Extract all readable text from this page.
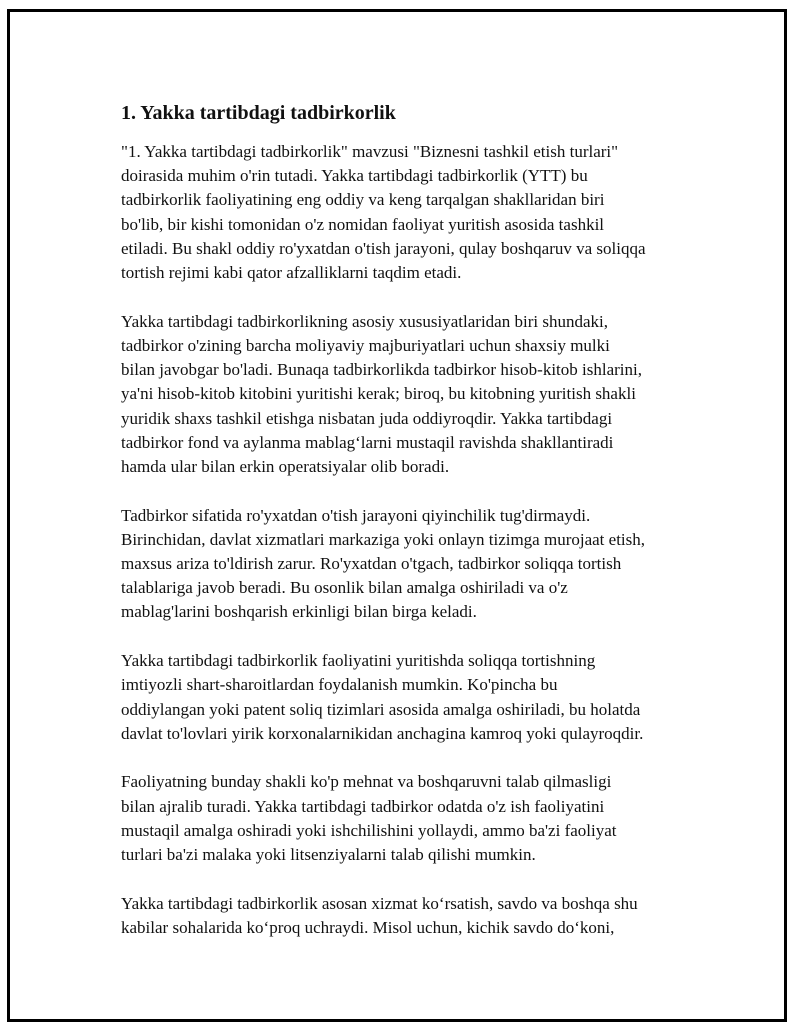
1. Yakka tartibdagi tadbirkorlik

"1. Yakka tartibdagi tadbirkorlik" mavzusi "Biznesni tashkil etish turlari"
doirasida muhim o'rin tutadi. Yakka tartibdagi tadbirkorlik (YTT) bu
tadbirkorlik faoliyatining eng oddiy va keng tarqalgan shakllaridan biri
bo'lib, bir kishi tomonidan o'z nomidan faoliyat yuritish asosida tashkil
etiladi. Bu shakl oddiy ro'yxatdan o'tish jarayoni, qulay boshqaruv va soliqqa
tortish rejimi kabi qator afzalliklarni taqdim etadi.

Yakka tartibdagi tadbirkorlikning asosiy xususiyatlaridan biri shundaki,
tadbirkor o'zining barcha moliyaviy majburiyatlari uchun shaxsiy mulki
bilan javobgar bo'ladi. Bunaqa tadbirkorlikda tadbirkor hisob-kitob ishlarini,
ya'ni hisob-kitob kitobini yuritishi kerak; biroq, bu kitobning yuritish shakli
yuridik shaxs tashkil etishga nisbatan juda oddiyroqdir. Yakka tartibdagi
tadbirkor fond va aylanma mablag‘larni mustaqil ravishda shakllantiradi
hamda ular bilan erkin operatsiyalar olib boradi.

Tadbirkor sifatida ro'yxatdan o'tish jarayoni qiyinchilik tug'dirmaydi.
Birinchidan, davlat xizmatlari markaziga yoki onlayn tizimga murojaat etish,
maxsus ariza to'ldirish zarur. Ro'yxatdan o'tgach, tadbirkor soliqqa tortish
talablariga javob beradi. Bu osonlik bilan amalga oshiriladi va o'z
mablag'larini boshqarish erkinligi bilan birga keladi.

Yakka tartibdagi tadbirkorlik faoliyatini yuritishda soliqqa tortishning
imtiyozli shart-sharoitlardan foydalanish mumkin. Ko'pincha bu
oddiylangan yoki patent soliq tizimlari asosida amalga oshiriladi, bu holatda
davlat to'lovlari yirik korxonalarnikidan anchagina kamroq yoki qulayroqdir.

Faoliyatning bunday shakli ko'p mehnat va boshqaruvni talab qilmasligi
bilan ajralib turadi. Yakka tartibdagi tadbirkor odatda o'z ish faoliyatini
mustaqil amalga oshiradi yoki ishchilishini yollaydi, ammo ba'zi faoliyat
turlari ba'zi malaka yoki litsenziyalarni talab qilishi mumkin.

Yakka tartibdagi tadbirkorlik asosan xizmat ko‘rsatish, savdo va boshqa shu
kabilar sohalarida ko‘proq uchraydi. Misol uchun, kichik savdo do‘koni,
